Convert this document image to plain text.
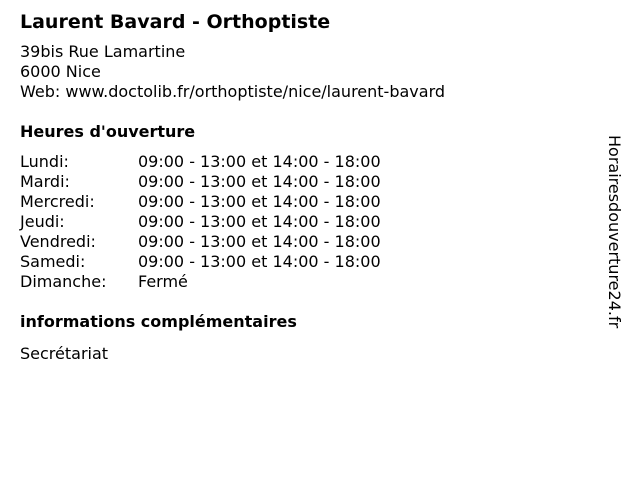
Laurent Bavard - Orthoptiste
39bis Rue Lamartine
6000 Nice
Web: www.doctolib.fr/orthoptiste/nice/laurent-bavard
Heures d'ouverture
Lundi:	09:00 - 13:00 et 14:00 - 18:00
Mardi:	09:00 - 13:00 et 14:00 - 18:00
Mercredi:	09:00 - 13:00 et 14:00 - 18:00
Jeudi:	09:00 - 13:00 et 14:00 - 18:00
Vendredi:	09:00 - 13:00 et 14:00 - 18:00
Samedi:	09:00 - 13:00 et 14:00 - 18:00
Dimanche:	Fermé
informations complémentaires
Secrétariat
Horairesdouverture24.fr
